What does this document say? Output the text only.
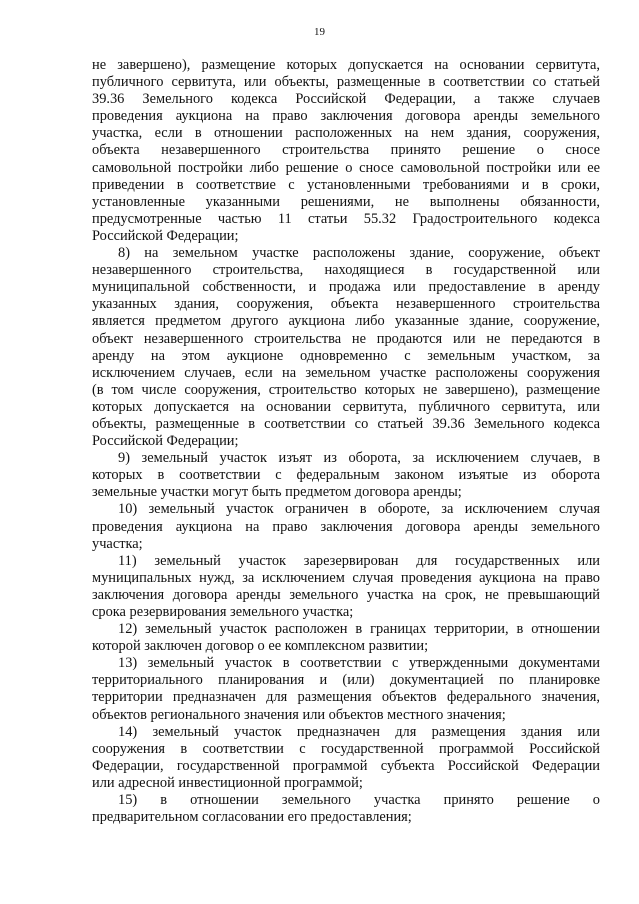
19
не завершено), размещение которых допускается на основании сервитута,
публичного сервитута, или объекты, размещенные в соответствии со статьей
39.36 Земельного кодекса Российской Федерации, а также случаев
проведения аукциона на право заключения договора аренды земельного
участка, если в отношении расположенных на нем здания, сооружения,
объекта незавершенного строительства принято решение о сносе
самовольной постройки либо решение о сносе самовольной постройки или ее
приведении в соответствие с установленными требованиями и в сроки,
установленные указанными решениями, не выполнены обязанности,
предусмотренные частью 11 статьи 55.32 Градостроительного кодекса
Российской Федерации;
8) на земельном участке расположены здание, сооружение, объект
незавершенного строительства, находящиеся в государственной или
муниципальной собственности, и продажа или предоставление в аренду
указанных здания, сооружения, объекта незавершенного строительства
является предметом другого аукциона либо указанные здание, сооружение,
объект незавершенного строительства не продаются или не передаются в
аренду на этом аукционе одновременно с земельным участком, за
исключением случаев, если на земельном участке расположены сооружения
(в том числе сооружения, строительство которых не завершено), размещение
которых допускается на основании сервитута, публичного сервитута, или
объекты, размещенные в соответствии со статьей 39.36 Земельного кодекса
Российской Федерации;
9) земельный участок изъят из оборота, за исключением случаев, в
которых в соответствии с федеральным законом изъятые из оборота
земельные участки могут быть предметом договора аренды;
10) земельный участок ограничен в обороте, за исключением случая
проведения аукциона на право заключения договора аренды земельного
участка;
11) земельный участок зарезервирован для государственных или
муниципальных нужд, за исключением случая проведения аукциона на право
заключения договора аренды земельного участка на срок, не превышающий
срока резервирования земельного участка;
12) земельный участок расположен в границах территории, в отношении
которой заключен договор о ее комплексном развитии;
13) земельный участок в соответствии с утвержденными документами
территориального планирования и (или) документацией по планировке
территории предназначен для размещения объектов федерального значения,
объектов регионального значения или объектов местного значения;
14) земельный участок предназначен для размещения здания или
сооружения в соответствии с государственной программой Российской
Федерации, государственной программой субъекта Российской Федерации
или адресной инвестиционной программой;
15) в отношении земельного участка принято решение о
предварительном согласовании его предоставления;
